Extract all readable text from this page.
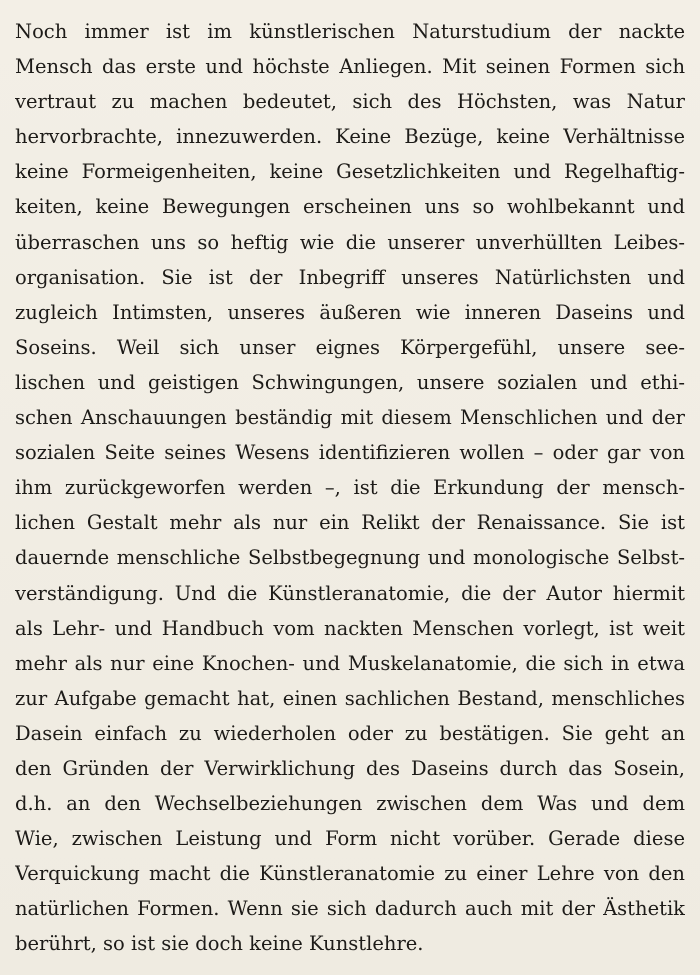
Noch immer ist im künstlerischen Naturstudium der nackte
Mensch das erste und höchste Anliegen. Mit seinen Formen sich
vertraut zu machen bedeutet, sich des Höchsten, was Natur
hervorbrachte, innezuwerden. Keine Bezüge, keine Verhältnisse
keine Formeigenheiten, keine Gesetzlichkeiten und Regelhaftig-
keiten, keine Bewegungen erscheinen uns so wohlbekannt und
überraschen uns so heftig wie die unserer unverhüllten Leibes-
organisation. Sie ist der Inbegriff unseres Natürlichsten und
zugleich Intimsten, unseres äußeren wie inneren Daseins und
Soseins. Weil sich unser eignes Körpergefühl, unsere see-
lischen und geistigen Schwingungen, unsere sozialen und ethi-
schen Anschauungen beständig mit diesem Menschlichen und der
sozialen Seite seines Wesens identifizieren wollen – oder gar von
ihm zurückgeworfen werden –, ist die Erkundung der mensch-
lichen Gestalt mehr als nur ein Relikt der Renaissance. Sie ist
dauernde menschliche Selbstbegegnung und monologische Selbst-
verständigung. Und die Künstleranatomie, die der Autor hiermit
als Lehr- und Handbuch vom nackten Menschen vorlegt, ist weit
mehr als nur eine Knochen- und Muskelanatomie, die sich in etwa
zur Aufgabe gemacht hat, einen sachlichen Bestand, menschliches
Dasein einfach zu wiederholen oder zu bestätigen. Sie geht an
den Gründen der Verwirklichung des Daseins durch das Sosein,
d.h. an den Wechselbeziehungen zwischen dem Was und dem
Wie, zwischen Leistung und Form nicht vorüber. Gerade diese
Verquickung macht die Künstleranatomie zu einer Lehre von den
natürlichen Formen. Wenn sie sich dadurch auch mit der Ästhetik
berührt, so ist sie doch keine Kunstlehre.
